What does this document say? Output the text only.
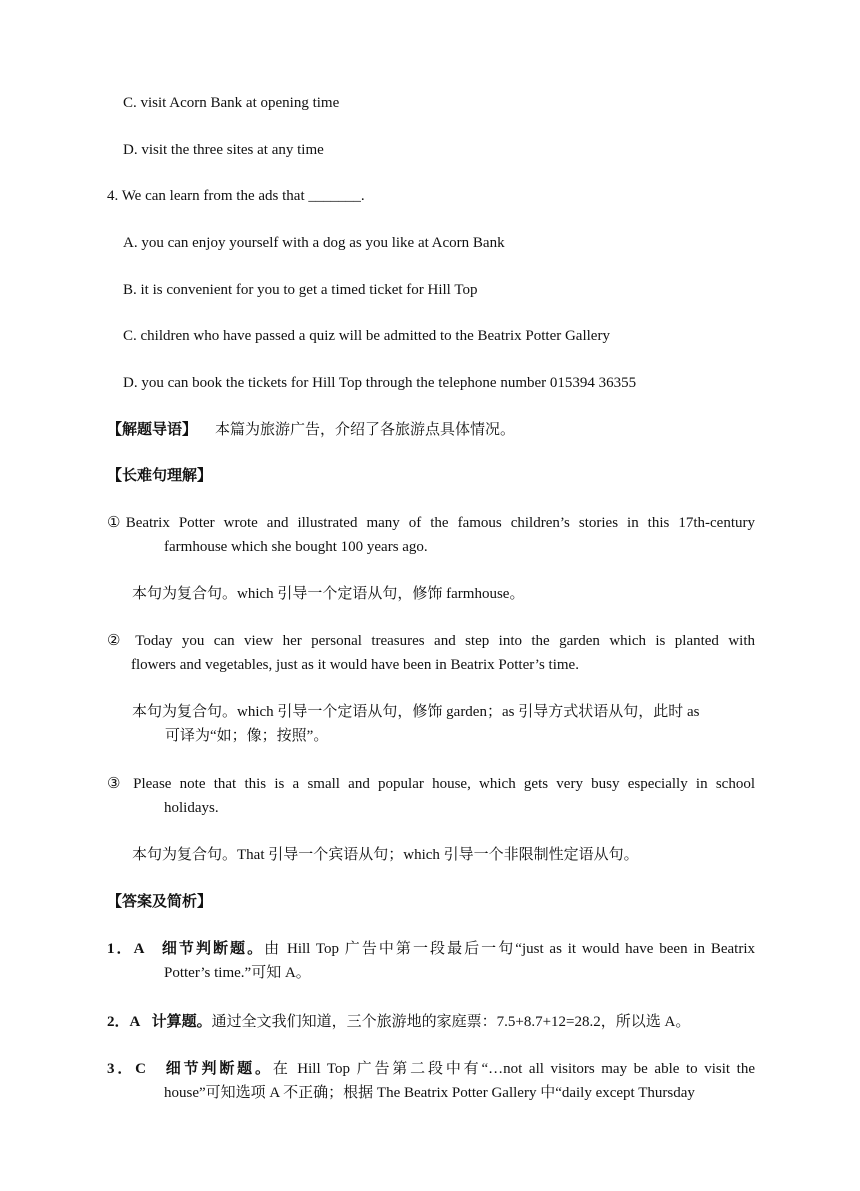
C. visit Acorn Bank at opening time
D. visit the three sites at any time
4. We can learn from the ads that _______.
A. you can enjoy yourself with a dog as you like at Acorn Bank
B. it is convenient for you to get a timed ticket for Hill Top
C. children who have passed a quiz will be admitted to the Beatrix Potter Gallery
D. you can book the tickets for Hill Top through the telephone number 015394 36355
【解题导语】 本篇为旅游广告，介绍了各旅游点具体情况。
【长难句理解】
①Beatrix Potter wrote and illustrated many of the famous children’s stories in this 17th-century
farmhouse which she bought 100 years ago.
本句为复合句。which 引导一个定语从句，修饰 farmhouse。
② Today you can view her personal treasures and step into the garden which is planted with
flowers and vegetables, just as it would have been in Beatrix Potter’s time.
本句为复合句。which 引导一个定语从句，修饰 garden；as 引导方式状语从句，此时 as
可译为“如；像；按照”。
③ Please note that this is a small and popular house, which gets very busy especially in school
holidays.
本句为复合句。That 引导一个宾语从句；which 引导一个非限制性定语从句。
【答案及简析】
1．A 细节判断题。由 Hill Top 广告中第一段最后一句“just as it would have been in Beatrix
Potter’s time.”可知 A。
2．A 计算题。通过全文我们知道，三个旅游地的家庭票：7.5+8.7+12=28.2，所以选 A。
3．C 细节判断题。在 Hill Top 广告第二段中有“…not all visitors may be able to visit the
house”可知选项 A 不正确；根据 The Beatrix Potter Gallery 中“daily except Thursday
